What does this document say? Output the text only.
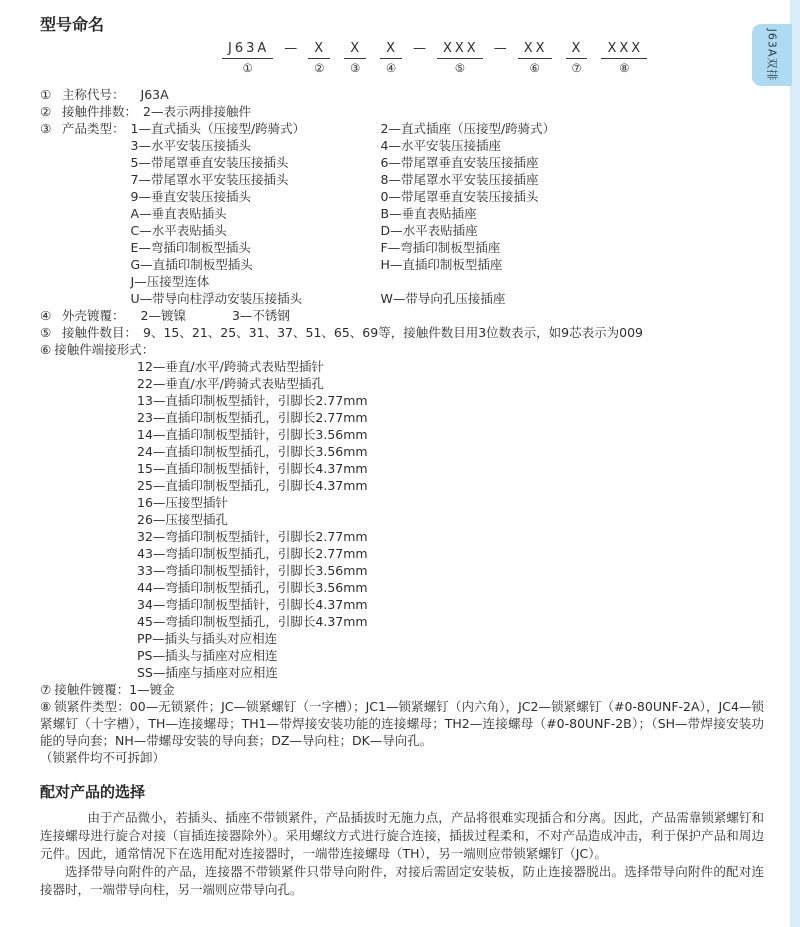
J63A双排
型号命名
J63A
①
—	X
②
X
③
X
④
—	XXX
⑤
—	XX
⑥
X
⑦
XXX
⑧
① 主称代号： J63A
② 接触件排数： 2—表示两排接触件
③ 产品类型： 1—直式插头（压接型/跨骑式）	2—直式插座（压接型/跨骑式）
3—水平安装压接插头	4—水平安装压接插座
5—带尾罩垂直安装压接插头	6—带尾罩垂直安装压接插座
7—带尾罩水平安装压接插头	8—带尾罩水平安装压接插座
9—垂直安装压接插头	0—带尾罩垂直安装压接插头
A—垂直表贴插头	B—垂直表贴插座
C—水平表贴插头	D—水平表贴插座
E—弯插印制板型插头	F—弯插印制板型插座
G—直插印制板型插头	H—直插印制板型插座
J—压接型连体
U—带导向柱浮动安装压接插头	W—带导向孔压接插座
④ 外壳镀覆： 2—镀镍	3—不锈钢
⑤ 接触件数目： 9、15、21、25、31、37、51、65、69等，接触件数目用3位数表示，如9芯表示为009
⑥ 接触件端接形式：
12—垂直/水平/跨骑式表贴型插针
22—垂直/水平/跨骑式表贴型插孔
13—直插印制板型插针，引脚长2.77mm
23—直插印制板型插孔，引脚长2.77mm
14—直插印制板型插针，引脚长3.56mm
24—直插印制板型插孔，引脚长3.56mm
15—直插印制板型插针，引脚长4.37mm
25—直插印制板型插孔，引脚长4.37mm
16—压接型插针
26—压接型插孔
32—弯插印制板型插针，引脚长2.77mm
43—弯插印制板型插孔，引脚长2.77mm
33—弯插印制板型插针，引脚长3.56mm
44—弯插印制板型插孔，引脚长3.56mm
34—弯插印制板型插针，引脚长4.37mm
45—弯插印制板型插孔，引脚长4.37mm
PP—插头与插头对应相连
PS—插头与插座对应相连
SS—插座与插座对应相连
⑦ 接触件镀覆：1—镀金

⑧ 锁紧件类型：00—无锁紧件；JC—锁紧螺钉（一字槽）；JC1—锁紧螺钉（内六角），JC2—锁紧螺钉（#0-80UNF-2A），JC4—锁紧螺钉（十字槽），TH—连接螺母；TH1—带焊接安装功能的连接螺母；TH2—连接螺母（#0-80UNF-2B）；（SH—带焊接安装功能的导向套；NH—带螺母安装的导向套；DZ—导向柱；DK—导向孔。
（锁紧件均不可拆卸）

配对产品的选择

由于产品微小，若插头、插座不带锁紧件，产品插拔时无施力点，产品将很难实现插合和分离。因此，产品需靠锁紧螺钉和连接螺母进行旋合对接（盲插连接器除外）。采用螺纹方式进行旋合连接，插拔过程柔和，不对产品造成冲击，利于保护产品和周边元件。因此，通常情况下在选用配对连接器时，一端带连接螺母（TH），另一端则应带锁紧螺钉（JC）。

选择带导向附件的产品，连接器不带锁紧件只带导向附件，对接后需固定安装板，防止连接器脱出。选择带导向附件的配对连接器时，一端带导向柱，另一端则应带导向孔。
